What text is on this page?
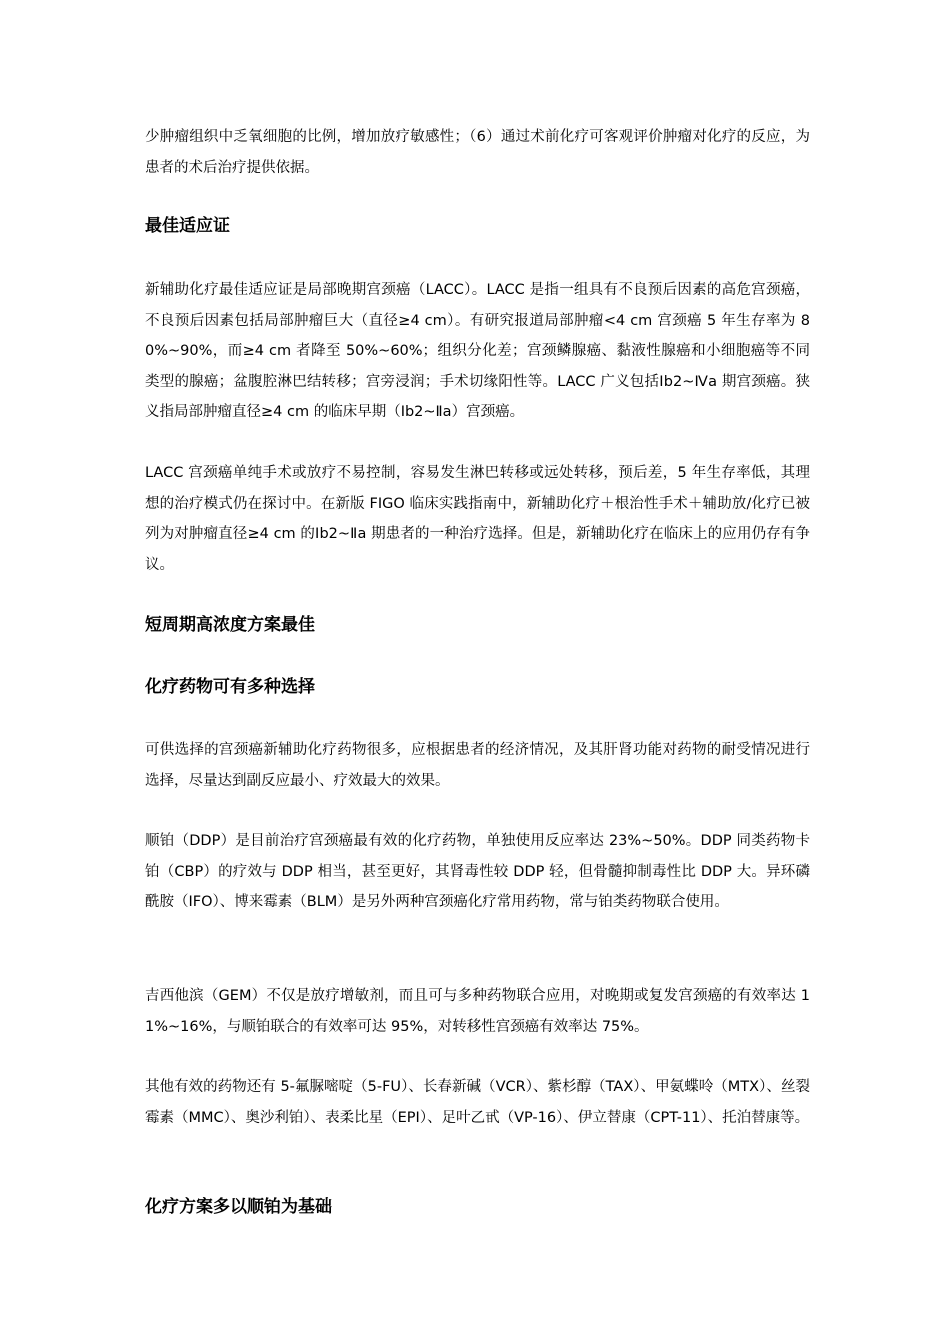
少肿瘤组织中乏氧细胞的比例，增加放疗敏感性；（6）通过术前化疗可客观评价肿瘤对化疗的反应，为患者的术后治疗提供依据。

最佳适应证

新辅助化疗最佳适应证是局部晚期宫颈癌（LACC）。LACC 是指一组具有不良预后因素的高危宫颈癌，不良预后因素包括局部肿瘤巨大（直径≥4 cm）。有研究报道局部肿瘤<4 cm 宫颈癌 5 年生存率为 80%~90%，而≥4 cm 者降至 50%~60%；组织分化差；宫颈鳞腺癌、黏液性腺癌和小细胞癌等不同类型的腺癌；盆腹腔淋巴结转移；宫旁浸润；手术切缘阳性等。LACC 广义包括Ⅰb2~Ⅳa 期宫颈癌。狭义指局部肿瘤直径≥4 cm 的临床早期（Ⅰb2~Ⅱa）宫颈癌。

LACC 宫颈癌单纯手术或放疗不易控制，容易发生淋巴转移或远处转移，预后差，5 年生存率低，其理想的治疗模式仍在探讨中。在新版 FIGO 临床实践指南中，新辅助化疗＋根治性手术＋辅助放/化疗已被列为对肿瘤直径≥4 cm 的Ⅰb2~Ⅱa 期患者的一种治疗选择。但是，新辅助化疗在临床上的应用仍存有争议。

短周期高浓度方案最佳
化疗药物可有多种选择

可供选择的宫颈癌新辅助化疗药物很多，应根据患者的经济情况，及其肝肾功能对药物的耐受情况进行选择，尽量达到副反应最小、疗效最大的效果。

顺铂（DDP）是目前治疗宫颈癌最有效的化疗药物，单独使用反应率达 23%~50%。DDP 同类药物卡铂（CBP）的疗效与 DDP 相当，甚至更好，其肾毒性较 DDP 轻，但骨髓抑制毒性比 DDP 大。异环磷酰胺（IFO）、博来霉素（BLM）是另外两种宫颈癌化疗常用药物，常与铂类药物联合使用。

吉西他滨（GEM）不仅是放疗增敏剂，而且可与多种药物联合应用，对晚期或复发宫颈癌的有效率达 11%~16%，与顺铂联合的有效率可达 95%，对转移性宫颈癌有效率达 75%。

其他有效的药物还有 5-氟脲嘧啶（5-FU）、长春新碱（VCR）、紫杉醇（TAX）、甲氨蝶呤（MTX）、丝裂霉素（MMC）、奥沙利铂）、表柔比星（EPI）、足叶乙甙（VP-16）、伊立替康（CPT-11）、托泊替康等。

化疗方案多以顺铂为基础
